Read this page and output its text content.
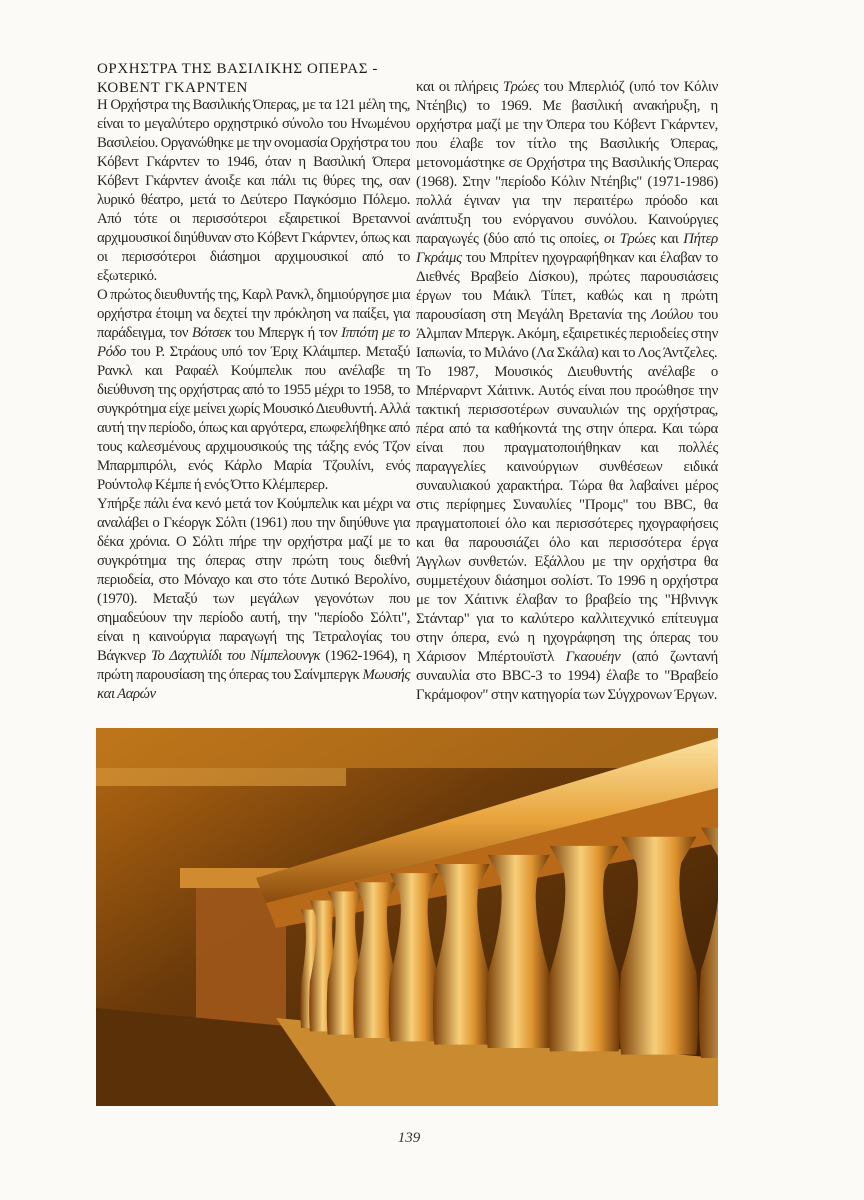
ΟΡΧΗΣΤΡΑ ΤΗΣ ΒΑΣΙΛΙΚΗΣ ΟΠΕΡΑΣ -
ΚΟΒΕΝΤ ΓΚΑΡΝΤΕΝ

Η Ορχήστρα της Βασιλικής Όπερας, με τα 121 μέλη της, είναι το μεγαλύτερο ορχηστρικό σύνολο του Ηνωμένου Βασιλείου. Οργανώθηκε με την ονομασία Ορχήστρα του Κόβεντ Γκάρντεν το 1946, όταν η Βασιλική Όπερα Κόβεντ Γκάρντεν άνοιξε και πάλι τις θύρες της, σαν λυρικό θέατρο, μετά το Δεύτερο Παγκόσμιο Πόλεμο. Από τότε οι περισσότεροι εξαιρετικοί Βρεταννοί αρχιμουσικοί διηύθυναν στο Κόβεντ Γκάρντεν, όπως και οι περισσότεροι διάσημοι αρχιμουσικοί από το εξωτερικό.

Ο πρώτος διευθυντής της, Καρλ Ρανκλ, δημιούργησε μια ορχήστρα έτοιμη να δεχτεί την πρόκληση να παίξει, για παράδειγμα, τον Βότσεκ του Μπεργκ ή τον Ιππότη με το Ρόδο του Ρ. Στράους υπό τον Έριχ Κλάιμπερ. Μεταξύ Ρανκλ και Ραφαέλ Κούμπελικ που ανέλαβε τη διεύθυνση της ορχήστρας από το 1955 μέχρι το 1958, το συγκρότημα είχε μείνει χωρίς Μουσικό Διευθυντή. Αλλά αυτή την περίοδο, όπως και αργότερα, επωφελήθηκε από τους καλεσμένους αρχιμουσικούς της τάξης ενός Τζον Μπαρμπιρόλι, ενός Κάρλο Μαρία Τζουλίνι, ενός Ρούντολφ Κέμπε ή ενός Όττο Κλέμπερερ.

Υπήρξε πάλι ένα κενό μετά τον Κούμπελικ και μέχρι να αναλάβει ο Γκέοργκ Σόλτι (1961) που την διηύθυνε για δέκα χρόνια. Ο Σόλτι πήρε την ορχήστρα μαζί με το συγκρότημα της όπερας στην πρώτη τους διεθνή περιοδεία, στο Μόναχο και στο τότε Δυτικό Βερολίνο, (1970). Μεταξύ των μεγάλων γεγονότων που σημαδεύουν την περίοδο αυτή, την "περίοδο Σόλτι", είναι η καινούργια παραγωγή της Τετραλογίας του Βάγκνερ Το Δαχτυλίδι του Νίμπελουνγκ (1962-1964), η πρώτη παρουσίαση της όπερας του Σαίνμπεργκ Μωυσής και Ααρών

και οι πλήρεις Τρώες του Μπερλιόζ (υπό τον Κόλιν Ντέηβις) το 1969. Με βασιλική ανακήρυξη, η ορχήστρα μαζί με την Όπερα του Κόβεντ Γκάρντεν, που έλαβε τον τίτλο της Βασιλικής Όπερας, μετονομάστηκε σε Ορχήστρα της Βασιλικής Όπερας (1968). Στην "περίοδο Κόλιν Ντέηβις" (1971-1986) πολλά έγιναν για την περαιτέρω πρόοδο και ανάπτυξη του ενόργανου συνόλου. Καινούργιες παραγωγές (δύο από τις οποίες, οι Τρώες και Πήτερ Γκράιμς του Μπρίτεν ηχογραφήθηκαν και έλαβαν το Διεθνές Βραβείο Δίσκου), πρώτες παρουσιάσεις έργων του Μάικλ Τίπετ, καθώς και η πρώτη παρουσίαση στη Μεγάλη Βρετανία της Λούλου του Άλμπαν Μπεργκ. Ακόμη, εξαιρετικές περιοδείες στην Ιαπωνία, το Μιλάνο (Λα Σκάλα) και το Λος Άντζελες.

Το 1987, Μουσικός Διευθυντής ανέλαβε ο Μπέρναρντ Χάιτινκ. Αυτός είναι που προώθησε την τακτική περισσοτέρων συναυλιών της ορχήστρας, πέρα από τα καθήκοντά της στην όπερα. Και τώρα είναι που πραγματοποιήθηκαν και πολλές παραγγελίες καινούργιων συνθέσεων ειδικά συναυλιακού χαρακτήρα. Τώρα θα λαβαίνει μέρος στις περίφημες Συναυλίες "Προμς" του BBC, θα πραγματοποιεί όλο και περισσότερες ηχογραφήσεις και θα παρουσιάζει όλο και περισσότερα έργα Άγγλων συνθετών. Εξάλλου με την ορχήστρα θα συμμετέχουν διάσημοι σολίστ. Το 1996 η ορχήστρα με τον Χάιτινκ έλαβαν το βραβείο της "Ηβνινγκ Στάνταρ" για το καλύτερο καλλιτεχνικό επίτευγμα στην όπερα, ενώ η ηχογράφηση της όπερας του Χάρισον Μπέρτουϊστλ Γκαουέην (από ζωντανή συναυλία στο BBC-3 το 1994) έλαβε το "Βραβείο Γκράμοφον" στην κατηγορία των Σύγχρονων Έργων.

139
